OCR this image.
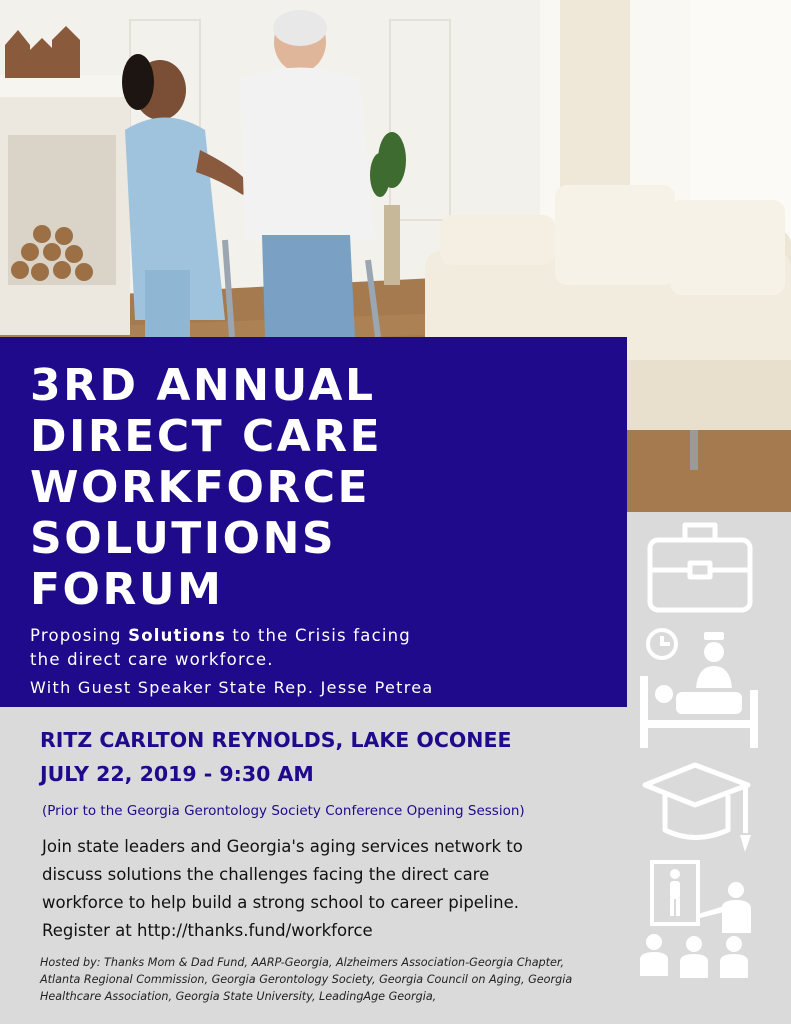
3RD ANNUAL
DIRECT CARE
WORKFORCE
SOLUTIONS
FORUM
Proposing Solutions to the Crisis facing
the direct care workforce.
With Guest Speaker State Rep. Jesse Petrea
RITZ CARLTON REYNOLDS, LAKE OCONEE
JULY 22, 2019 - 9:30 AM
(Prior to the Georgia Gerontology Society Conference Opening Session)
Join state leaders and Georgia's aging services network to
discuss solutions the challenges facing the direct care
workforce to help build a strong school to career pipeline.
Register at http://thanks.fund/workforce
Hosted by: Thanks Mom & Dad Fund, AARP-Georgia, Alzheimers Association-Georgia Chapter,
Atlanta Regional Commission, Georgia Gerontology Society, Georgia Council on Aging, Georgia
Healthcare Association, Georgia State University, LeadingAge Georgia,
